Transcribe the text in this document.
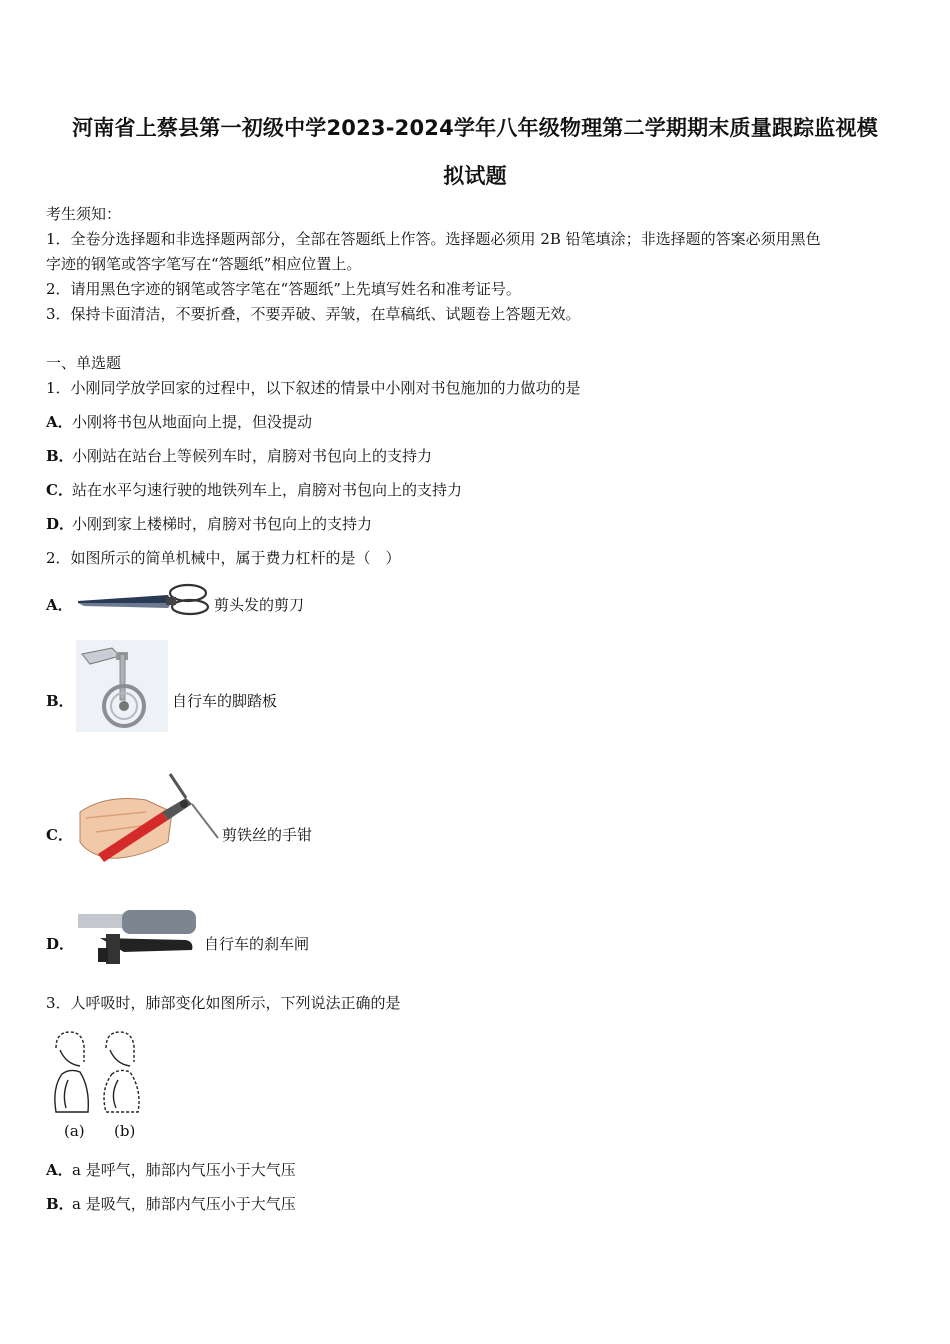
河南省上蔡县第一初级中学2023-2024学年八年级物理第二学期期末质量跟踪监视模
拟试题
考生须知：
1．全卷分选择题和非选择题两部分，全部在答题纸上作答。选择题必须用 2B 铅笔填涂；非选择题的答案必须用黑色
字迹的钢笔或答字笔写在“答题纸”相应位置上。
2．请用黑色字迹的钢笔或答字笔在“答题纸”上先填写姓名和准考证号。
3．保持卡面清洁，不要折叠，不要弄破、弄皱，在草稿纸、试题卷上答题无效。
一、单选题
1．小刚同学放学回家的过程中，以下叙述的情景中小刚对书包施加的力做功的是
A．小刚将书包从地面向上提，但没提动
B．小刚站在站台上等候列车时，肩膀对书包向上的支持力
C．站在水平匀速行驶的地铁列车上，肩膀对书包向上的支持力
D．小刚到家上楼梯时，肩膀对书包向上的支持力
2．如图所示的简单机械中，属于费力杠杆的是（　）
A．	剪头发的剪刀
B．	自行车的脚踏板
C．	剪铁丝的手钳
D．	自行车的刹车闸
3．人呼吸时，肺部变化如图所示，下列说法正确的是
(a) (b)
A．a 是呼气，肺部内气压小于大气压
B．a 是吸气，肺部内气压小于大气压
